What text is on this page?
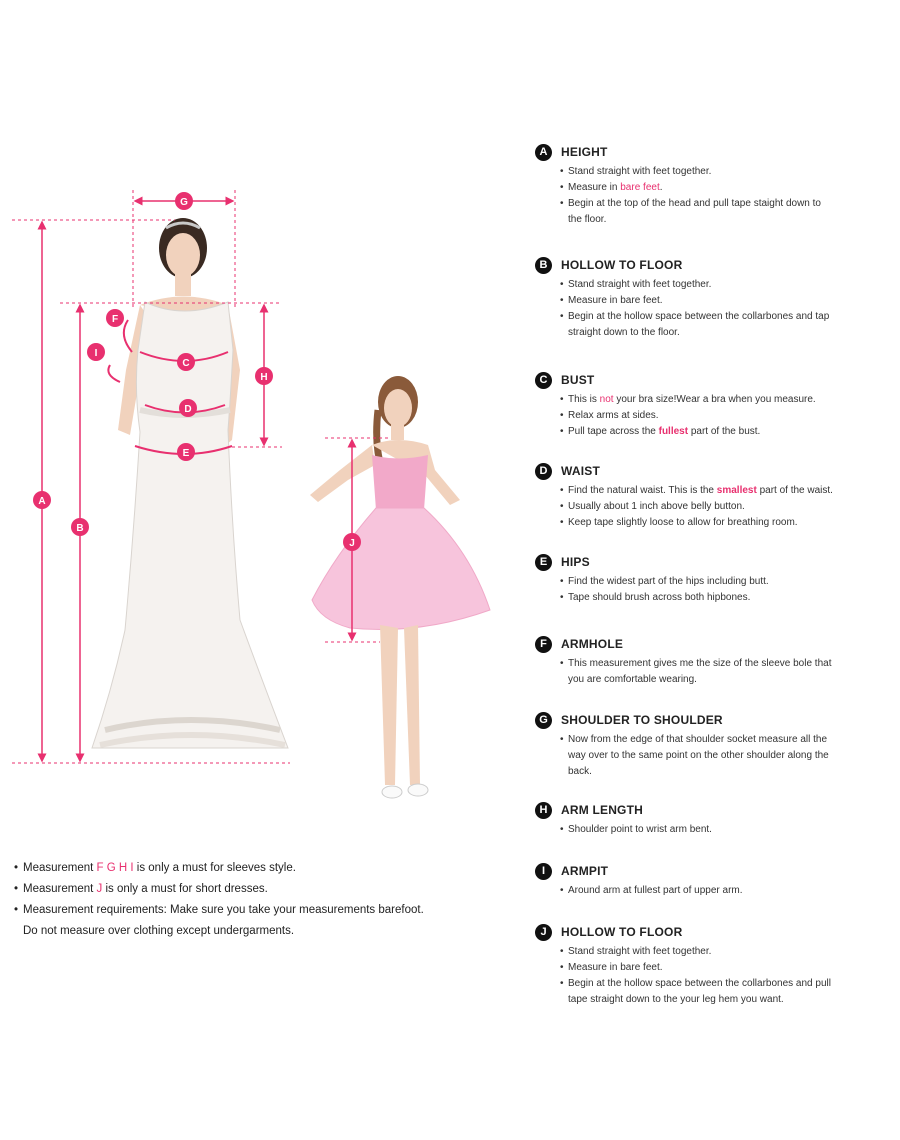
G
A
B
C
D
E
F
I
H
J
A	HEIGHT
• Stand straight with feet together.
• Measure in bare feet.
• Begin at the top of the head and pull tape staight down to
the floor.
B	HOLLOW TO FLOOR
• Stand straight with feet together.
• Measure in bare feet.
• Begin at the hollow space between the collarbones and tap
straight down to the floor.
C	BUST
• This is not your bra size!Wear a bra when you measure.
• Relax arms at sides.
• Pull tape across the fullest part of the bust.
D	WAIST
• Find the natural waist. This is the smallest part of the waist.
• Usually about 1 inch above belly button.
• Keep tape slightly loose to allow for breathing room.
E	HIPS
• Find the widest part of the hips including butt.
• Tape should brush across both hipbones.
F	ARMHOLE
• This measurement gives me the size of the sleeve bole that
you are comfortable wearing.
G	SHOULDER TO SHOULDER
• Now from the edge of that shoulder socket measure all the
way over to the same point on the other shoulder along the
back.
H	ARM LENGTH
• Shoulder point to wrist arm bent.
I	ARMPIT
• Around arm at fullest part of upper arm.
J	HOLLOW TO FLOOR
• Stand straight with feet together.
• Measure in bare feet.
• Begin at the hollow space between the collarbones and pull
tape straight down to the your leg hem you want.
• Measurement F G H I is only a must for sleeves style.
• Measurement J is only a must for short dresses.
• Measurement requirements: Make sure you take your measurements barefoot.
Do not measure over clothing except undergarments.
